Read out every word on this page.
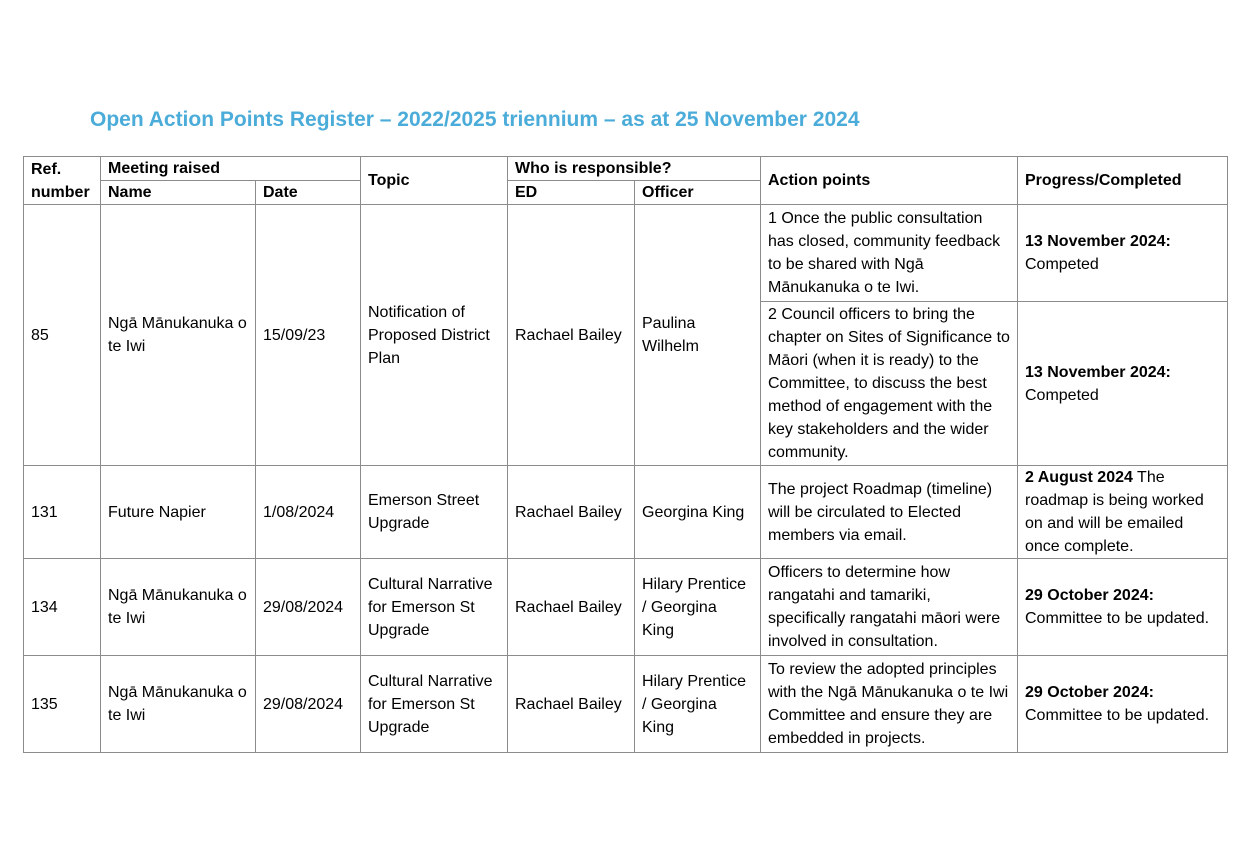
Open Action Points Register – 2022/2025 triennium – as at 25 November 2024
Ref. number	Meeting raised		Topic	Who is responsible?		Action points	Progress/Completed
	Name	Date		ED	Officer		
85	Ngā Mānukanuka o te Iwi	15/09/23	Notification of Proposed District Plan	Rachael Bailey	Paulina Wilhelm	1 Once the public consultation has closed, community feedback to be shared with Ngā Mānukanuka o te Iwi.	13 November 2024:
Competed
						2 Council officers to bring the chapter on Sites of Significance to Māori (when it is ready) to the Committee, to discuss the best method of engagement with the key stakeholders and the wider community.	13 November 2024:
Competed
131	Future Napier	1/08/2024	Emerson Street Upgrade	Rachael Bailey	Georgina King	The project Roadmap (timeline) will be circulated to Elected members via email.	2 August 2024 The roadmap is being worked on and will be emailed once complete.
134	Ngā Mānukanuka o te Iwi	29/08/2024	Cultural Narrative for Emerson St Upgrade	Rachael Bailey	Hilary Prentice / Georgina King	Officers to determine how rangatahi and tamariki, specifically rangatahi māori were involved in consultation.	29 October 2024:
Committee to be updated.
135	Ngā Mānukanuka o te Iwi	29/08/2024	Cultural Narrative for Emerson St Upgrade	Rachael Bailey	Hilary Prentice / Georgina King	To review the adopted principles with the Ngā Mānukanuka o te Iwi Committee and ensure they are embedded in projects.	29 October 2024:
Committee to be updated.
